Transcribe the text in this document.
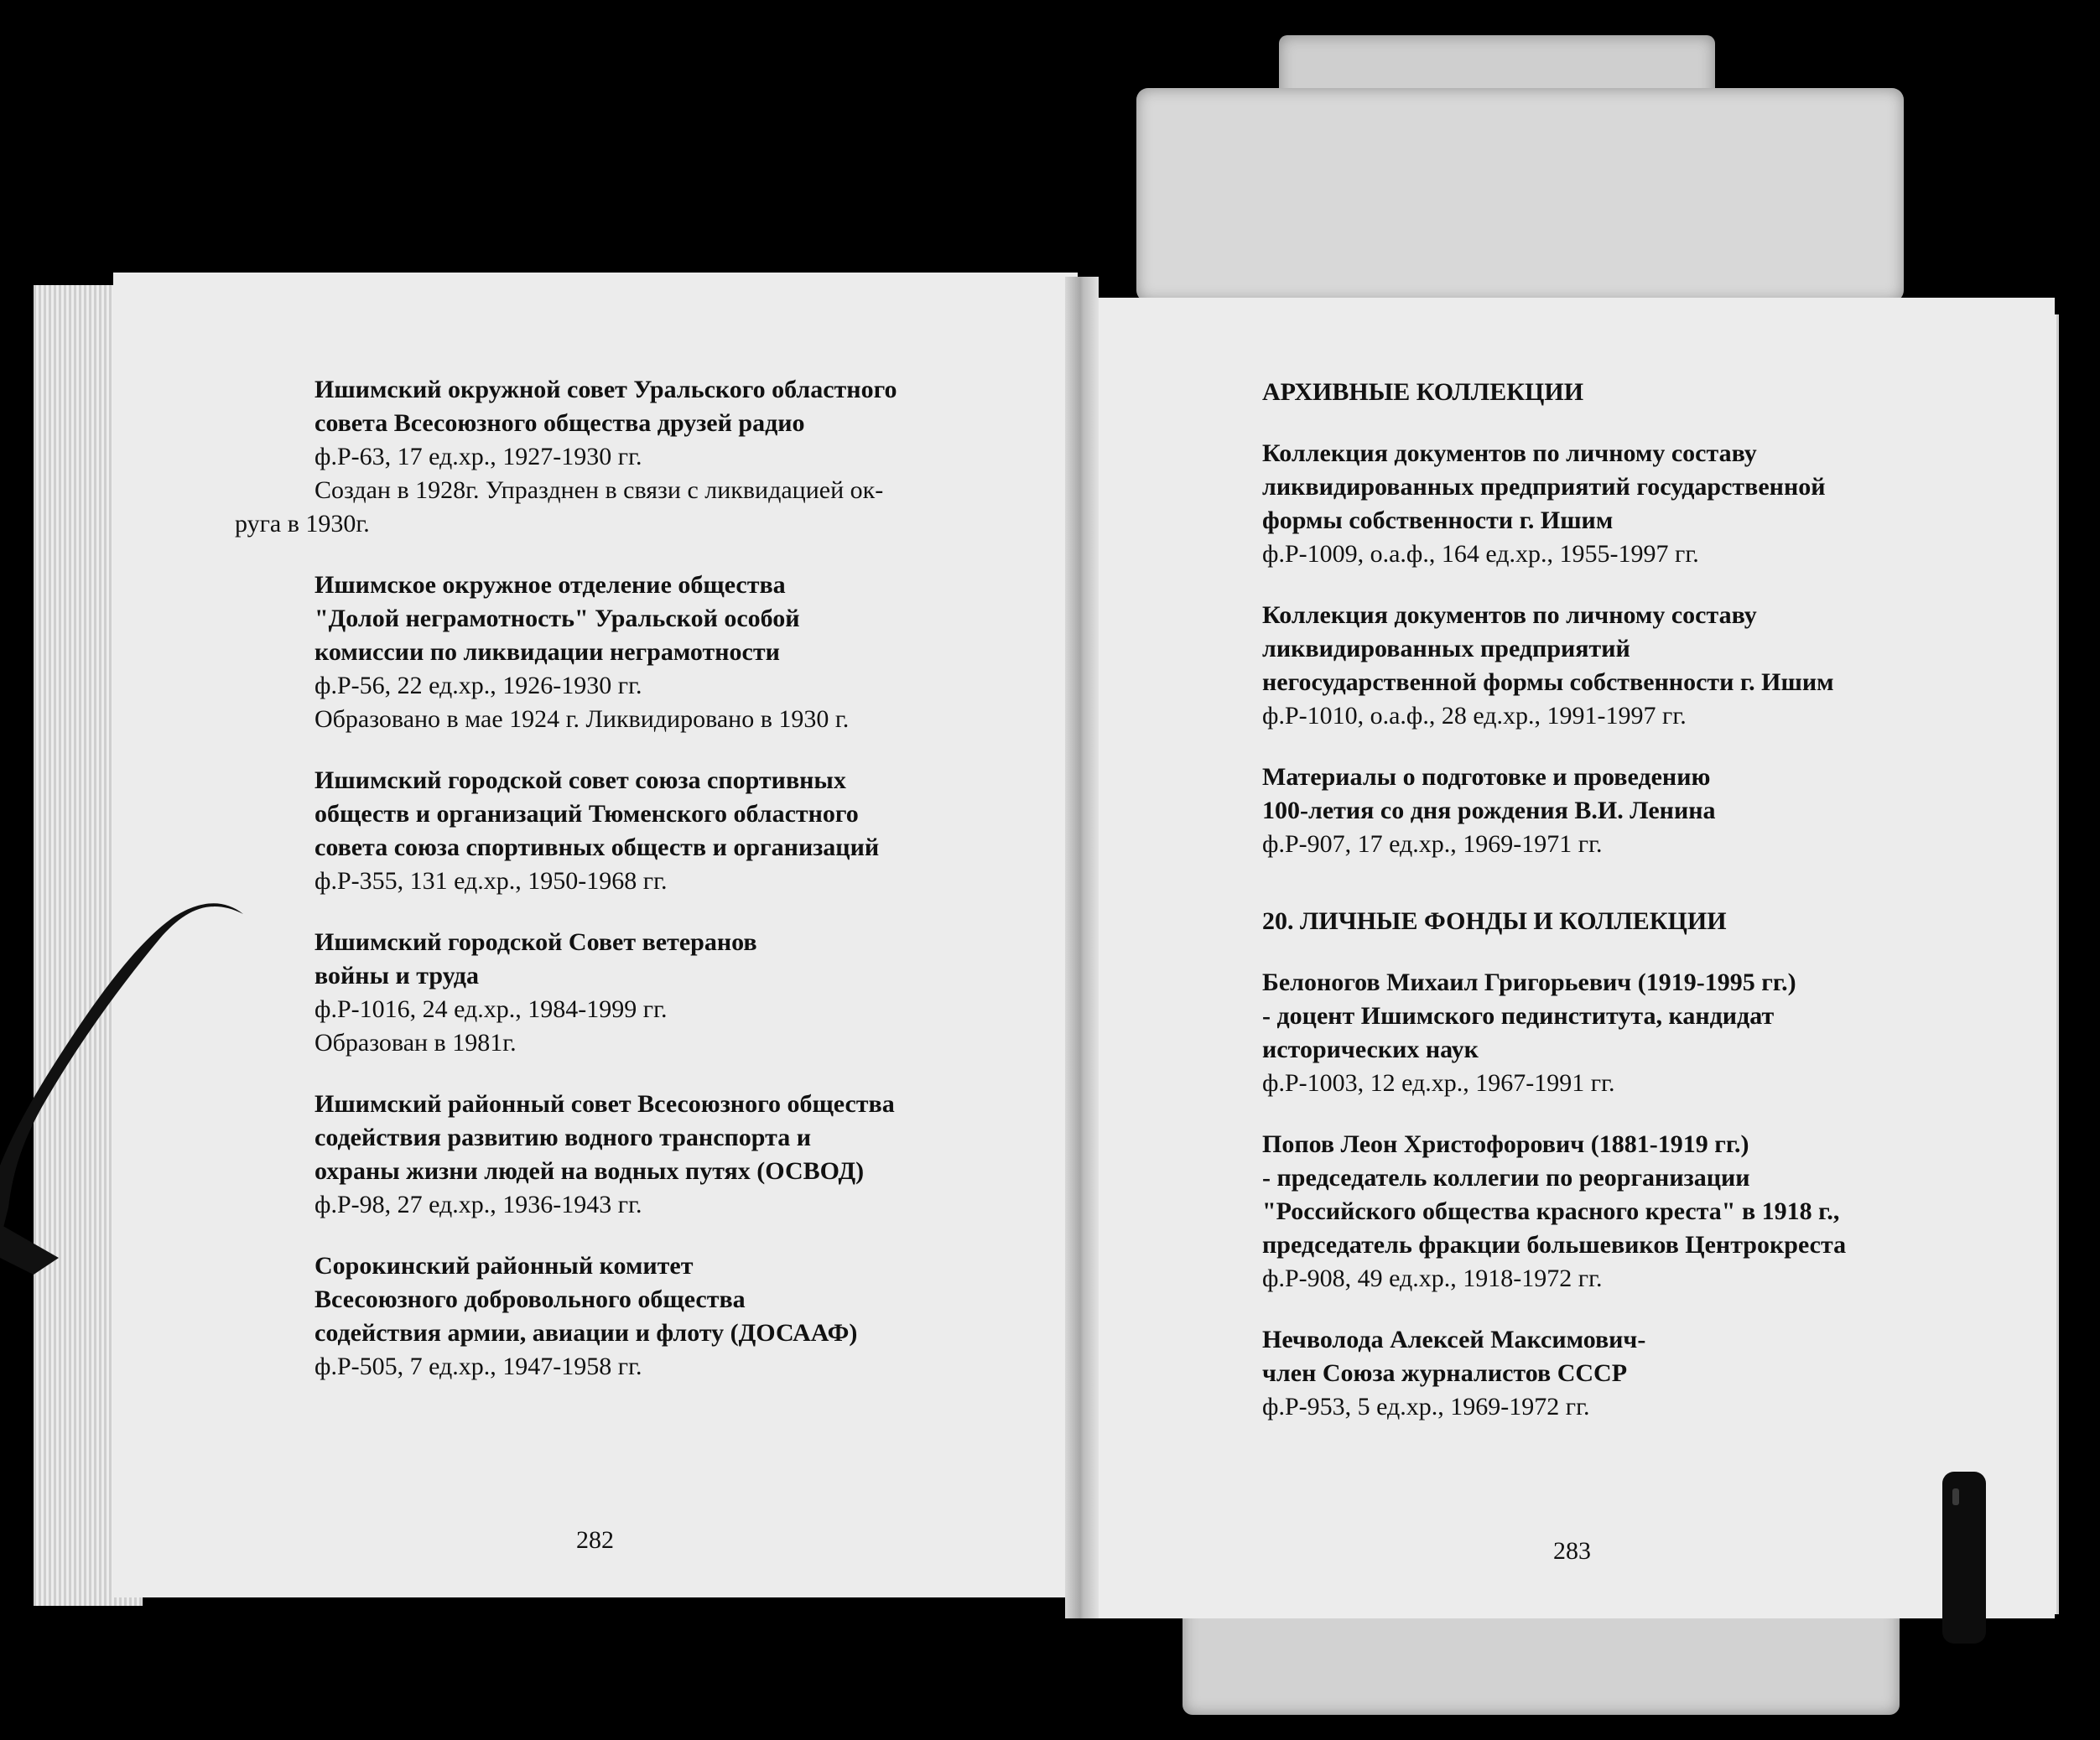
Ишимский окружной совет Уральского областного
совета Всесоюзного общества друзей радио
ф.Р-63, 17 ед.хр., 1927-1930 гг.
Создан в 1928г. Упразднен в связи с ликвидацией ок-
руга в 1930г.
Ишимское окружное отделение общества
"Долой неграмотность" Уральской особой
комиссии по ликвидации неграмотности
ф.Р-56, 22 ед.хр., 1926-1930 гг.
Образовано в мае 1924 г. Ликвидировано в 1930 г.
Ишимский городской совет союза спортивных
обществ и организаций Тюменского областного
совета союза спортивных обществ и организаций
ф.Р-355, 131 ед.хр., 1950-1968 гг.
Ишимский городской Совет ветеранов
войны и труда
ф.Р-1016, 24 ед.хр., 1984-1999 гг.
Образован в 1981г.
Ишимский районный совет Всесоюзного общества
содействия развитию водного транспорта и
охраны жизни людей на водных путях (ОСВОД)
ф.Р-98, 27 ед.хр., 1936-1943 гг.
Сорокинский районный комитет
Всесоюзного добровольного общества
содействия армии, авиации и флоту (ДОСААФ)
ф.Р-505, 7 ед.хр., 1947-1958 гг.
282
АРХИВНЫЕ КОЛЛЕКЦИИ
Коллекция документов по личному составу
ликвидированных предприятий государственной
формы собственности г. Ишим
ф.Р-1009, о.а.ф., 164 ед.хр., 1955-1997 гг.
Коллекция документов по личному составу
ликвидированных предприятий
негосударственной формы собственности г. Ишим
ф.Р-1010, о.а.ф., 28 ед.хр., 1991-1997 гг.
Материалы о подготовке и проведению
100-летия со дня рождения В.И. Ленина
ф.Р-907, 17 ед.хр., 1969-1971 гг.
20. ЛИЧНЫЕ ФОНДЫ И КОЛЛЕКЦИИ
Белоногов Михаил Григорьевич (1919-1995 гг.)
- доцент Ишимского пединститута, кандидат
исторических наук
ф.Р-1003, 12 ед.хр., 1967-1991 гг.
Попов Леон Христофорович (1881-1919 гг.)
- председатель коллегии по реорганизации
"Российского общества красного креста" в 1918 г.,
председатель фракции большевиков Центрокреста
ф.Р-908, 49 ед.хр., 1918-1972 гг.
Нечволода Алексей Максимович-
член Союза журналистов СССР
ф.Р-953, 5 ед.хр., 1969-1972 гг.
283
